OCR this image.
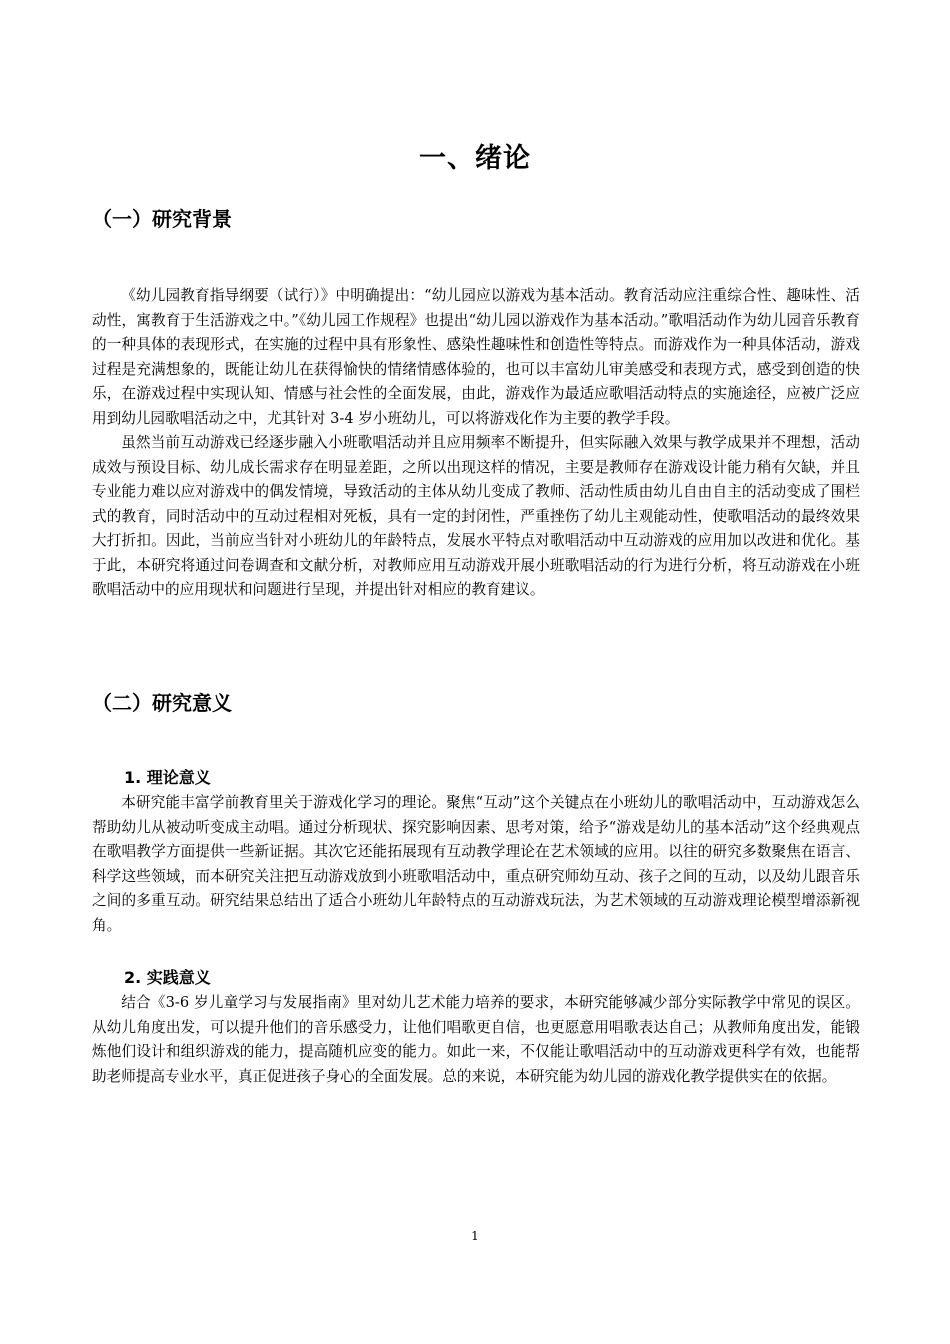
一、绪论
（一）研究背景

《幼儿园教育指导纲要（试行）》中明确提出：“幼儿园应以游戏为基本活动。教育活动应注重综合性、趣味性、活动性，寓教育于生活游戏之中。”《幼儿园工作规程》也提出“幼儿园以游戏作为基本活动。”歌唱活动作为幼儿园音乐教育的一种具体的表现形式，在实施的过程中具有形象性、感染性趣味性和创造性等特点。而游戏作为一种具体活动，游戏过程是充满想象的，既能让幼儿在获得愉快的情绪情感体验的，也可以丰富幼儿审美感受和表现方式，感受到创造的快乐，在游戏过程中实现认知、情感与社会性的全面发展，由此，游戏作为最适应歌唱活动特点的实施途径，应被广泛应用到幼儿园歌唱活动之中，尤其针对 3-4 岁小班幼儿，可以将游戏化作为主要的教学手段。

虽然当前互动游戏已经逐步融入小班歌唱活动并且应用频率不断提升，但实际融入效果与教学成果并不理想，活动成效与预设目标、幼儿成长需求存在明显差距，之所以出现这样的情况，主要是教师存在游戏设计能力稍有欠缺，并且专业能力难以应对游戏中的偶发情境，导致活动的主体从幼儿变成了教师、活动性质由幼儿自由自主的活动变成了围栏式的教育，同时活动中的互动过程相对死板，具有一定的封闭性，严重挫伤了幼儿主观能动性，使歌唱活动的最终效果大打折扣。因此，当前应当针对小班幼儿的年龄特点，发展水平特点对歌唱活动中互动游戏的应用加以改进和优化。基于此，本研究将通过问卷调查和文献分析，对教师应用互动游戏开展小班歌唱活动的行为进行分析，将互动游戏在小班歌唱活动中的应用现状和问题进行呈现，并提出针对相应的教育建议。

（二）研究意义
1. 理论意义

本研究能丰富学前教育里关于游戏化学习的理论。聚焦“互动”这个关键点在小班幼儿的歌唱活动中，互动游戏怎么帮助幼儿从被动听变成主动唱。通过分析现状、探究影响因素、思考对策，给予“游戏是幼儿的基本活动”这个经典观点在歌唱教学方面提供一些新证据。其次它还能拓展现有互动教学理论在艺术领域的应用。以往的研究多数聚焦在语言、科学这些领域，而本研究关注把互动游戏放到小班歌唱活动中，重点研究师幼互动、孩子之间的互动，以及幼儿跟音乐之间的多重互动。研究结果总结出了适合小班幼儿年龄特点的互动游戏玩法，为艺术领域的互动游戏理论模型增添新视角。

2. 实践意义

结合《3-6 岁儿童学习与发展指南》里对幼儿艺术能力培养的要求，本研究能够减少部分实际教学中常见的误区。从幼儿角度出发，可以提升他们的音乐感受力，让他们唱歌更自信，也更愿意用唱歌表达自己；从教师角度出发，能锻炼他们设计和组织游戏的能力，提高随机应变的能力。如此一来，不仅能让歌唱活动中的互动游戏更科学有效，也能帮助老师提高专业水平，真正促进孩子身心的全面发展。总的来说，本研究能为幼儿园的游戏化教学提供实在的依据。

1
